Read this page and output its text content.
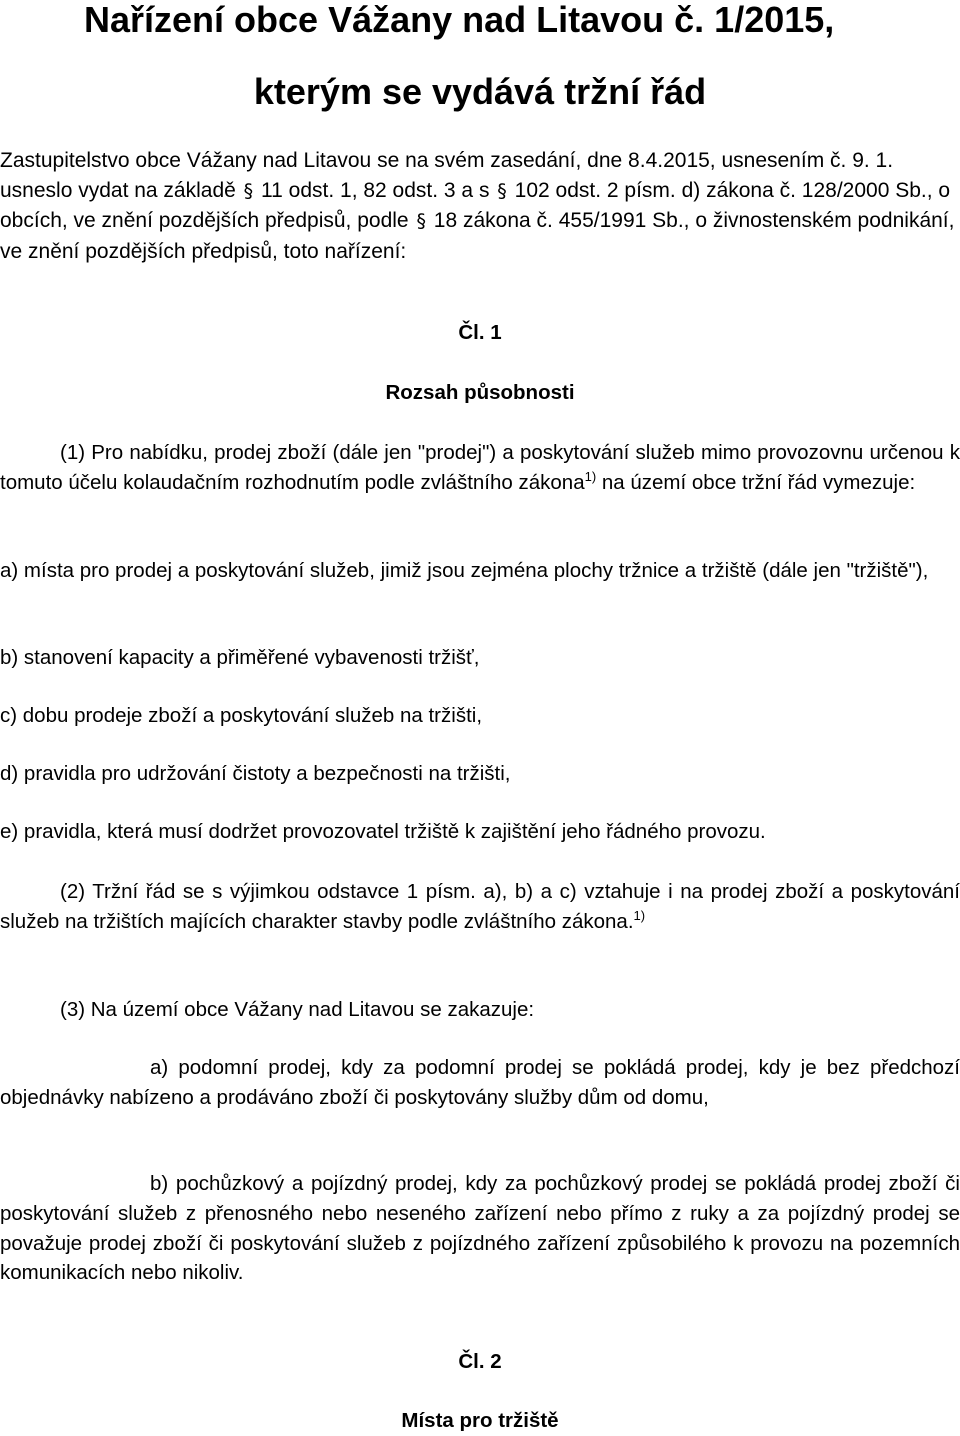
Nařízení obce Vážany nad Litavou č. 1/2015,
kterým se vydává tržní řád

Zastupitelstvo obce Vážany nad Litavou se na svém zasedání, dne 8.4.2015, usnesením č. 9. 1. usneslo vydat na základě § 11 odst. 1, 82 odst. 3 a s § 102 odst. 2 písm. d) zákona č. 128/2000 Sb., o obcích, ve znění pozdějších předpisů, podle § 18 zákona č. 455/1991 Sb., o živnostenském podnikání, ve znění pozdějších předpisů, toto nařízení:

Čl. 1

Rozsah působnosti

(1) Pro nabídku, prodej zboží (dále jen "prodej") a poskytování služeb mimo provozovnu určenou k tomuto účelu kolaudačním rozhodnutím podle zvláštního zákona$^{1)}$ na území obce tržní řád vymezuje:

a) místa pro prodej a poskytování služeb, jimiž jsou zejména plochy tržnice a tržiště (dále jen "tržiště"),

b) stanovení kapacity a přiměřené vybavenosti tržišť,

c) dobu prodeje zboží a poskytování služeb na tržišti,

d) pravidla pro udržování čistoty a bezpečnosti na tržišti,

e) pravidla, která musí dodržet provozovatel tržiště k zajištění jeho řádného provozu.

(2) Tržní řád se s výjimkou odstavce 1 písm. a), b) a c) vztahuje i na prodej zboží a poskytování služeb na tržištích majících charakter stavby podle zvláštního zákona.$^{1)}$

(3) Na území obce Vážany nad Litavou se zakazuje:

a) podomní prodej, kdy za podomní prodej se pokládá prodej, kdy je bez předchozí objednávky nabízeno a prodáváno zboží či poskytovány služby dům od domu,

b) pochůzkový a pojízdný prodej, kdy za pochůzkový prodej se pokládá prodej zboží či poskytování služeb z přenosného nebo neseného zařízení nebo přímo z ruky a za pojízdný prodej se považuje prodej zboží či poskytování služeb z pojízdného zařízení způsobilého k provozu na pozemních komunikacích nebo nikoliv.

Čl. 2

Místa pro tržiště
